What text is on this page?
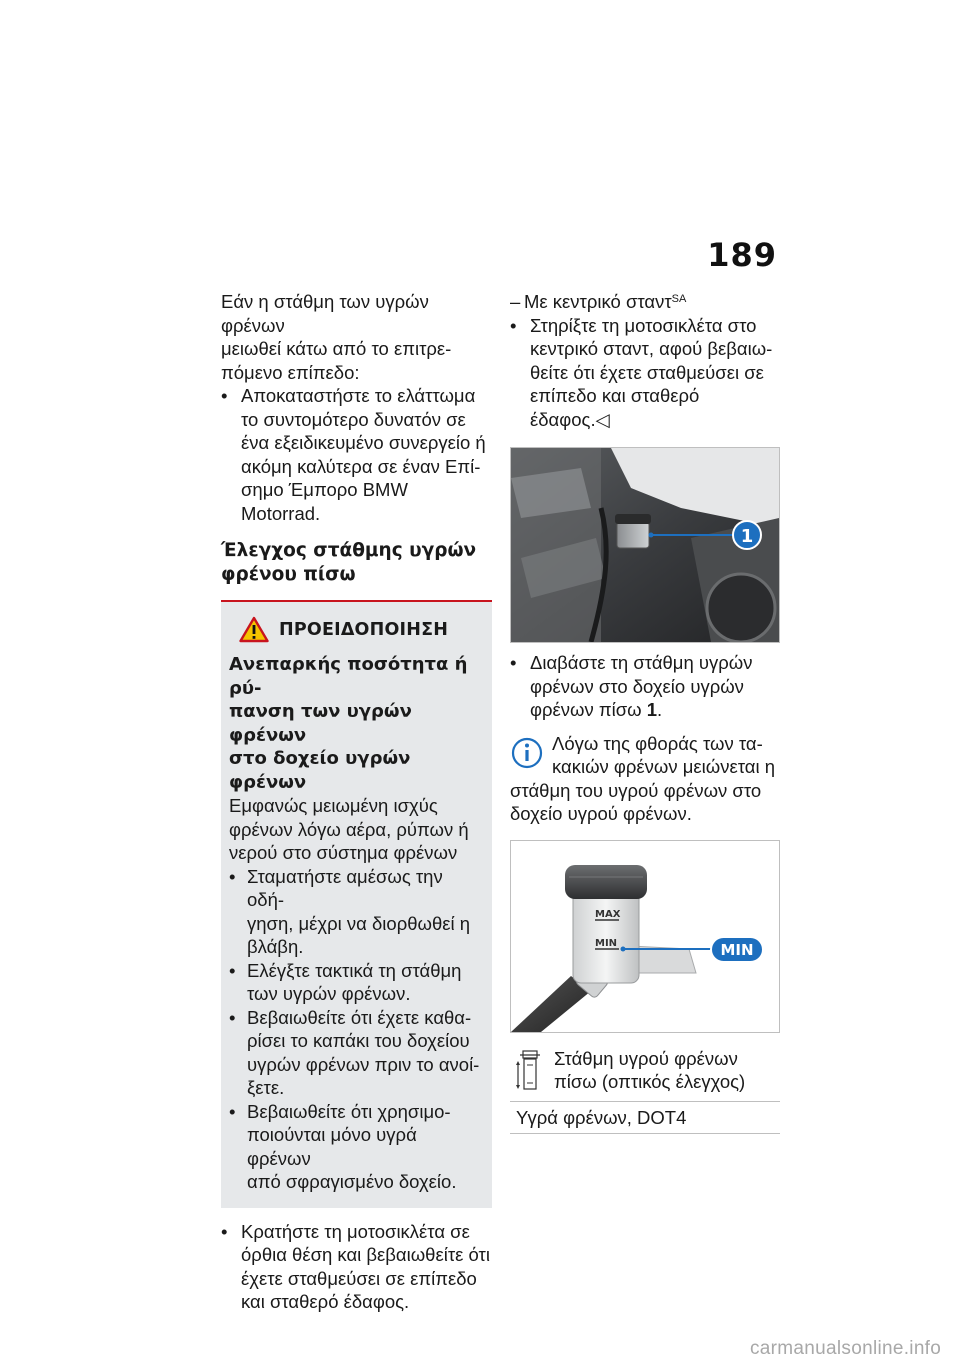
189
Εάν η στάθμη των υγρών φρένων
μειωθεί κάτω από το επιτρε-
πόμενο επίπεδο:
• Αποκαταστήστε το ελάττωμα
το συντομότερο δυνατόν σε
ένα εξειδικευμένο συνεργείο ή
ακόμη καλύτερα σε έναν Επί-
σημο Έμπορο BMW Motorrad.
Έλεγχος στάθμης υγρών
φρένου πίσω
ΠΡΟΕΙΔΟΠΟΙΗΣΗ
Ανεπαρκής ποσότητα ή ρύ-
πανση των υγρών φρένων
στο δοχείο υγρών φρένων
Εμφανώς μειωμένη ισχύς
φρένων λόγω αέρα, ρύπων ή
νερού στο σύστημα φρένων
• Σταματήστε αμέσως την οδή-
γηση, μέχρι να διορθωθεί η
βλάβη.
• Ελέγξτε τακτικά τη στάθμη
των υγρών φρένων.
• Βεβαιωθείτε ότι έχετε καθα-
ρίσει το καπάκι του δοχείου
υγρών φρένων πριν το ανοί-
ξετε.
• Βεβαιωθείτε ότι χρησιμο-
ποιούνται μόνο υγρά φρένων
από σφραγισμένο δοχείο.
• Κρατήστε τη μοτοσικλέτα σε
όρθια θέση και βεβαιωθείτε ότι
έχετε σταθμεύσει σε επίπεδο
και σταθερό έδαφος.
– Με κεντρικό σταντ$^{SA}$
• Στηρίξτε τη μοτοσικλέτα στο
κεντρικό σταντ, αφού βεβαιω-
θείτε ότι έχετε σταθμεύσει σε
επίπεδο και σταθερό έδαφος.◁
1
• Διαβάστε τη στάθμη υγρών
φρένων στο δοχείο υγρών
φρένων πίσω 1.
Λόγω της φθοράς των τα-
κακιών φρένων μειώνεται η
στάθμη του υγρού φρένων στο
δοχείο υγρού φρένων.
MAX
MIN	MIN
Στάθμη υγρού φρένων
πίσω (οπτικός έλεγχος)

Υγρά φρένων, DOT4
carmanualsonline.info
